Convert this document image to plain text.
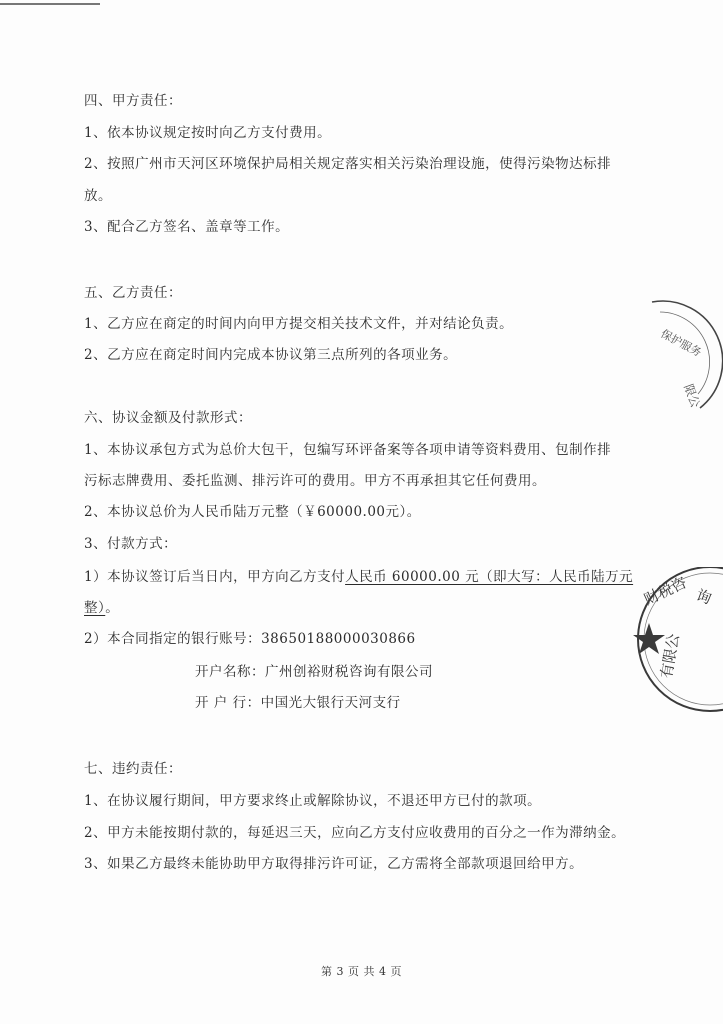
四、甲方责任：
1、依本协议规定按时向乙方支付费用。
2、按照广州市天河区环境保护局相关规定落实相关污染治理设施，使得污染物达标排
放。
3、配合乙方签名、盖章等工作。
五、乙方责任：
1、乙方应在商定的时间内向甲方提交相关技术文件，并对结论负责。
2、乙方应在商定时间内完成本协议第三点所列的各项业务。
六、协议金额及付款形式：
1、本协议承包方式为总价大包干，包编写环评备案等各项申请等资料费用、包制作排
污标志牌费用、委托监测、排污许可的费用。甲方不再承担其它任何费用。
2、本协议总价为人民币陆万元整（￥60000.00元）。
3、付款方式：
1）本协议签订后当日内，甲方向乙方支付人民币 60000.00 元（即大写：人民币陆万元
整）。
2）本合同指定的银行账号：38650188000030866
开户名称：广州创裕财税咨询有限公司
开 户 行：中国光大银行天河支行
七、违约责任：
1、在协议履行期间，甲方要求终止或解除协议，不退还甲方已付的款项。
2、甲方未能按期付款的，每延迟三天，应向乙方支付应收费用的百分之一作为滞纳金。
3、如果乙方最终未能协助甲方取得排污许可证，乙方需将全部款项退回给甲方。
第 3 页 共 4 页
保护服务
限公
财税咨 询
有限公
